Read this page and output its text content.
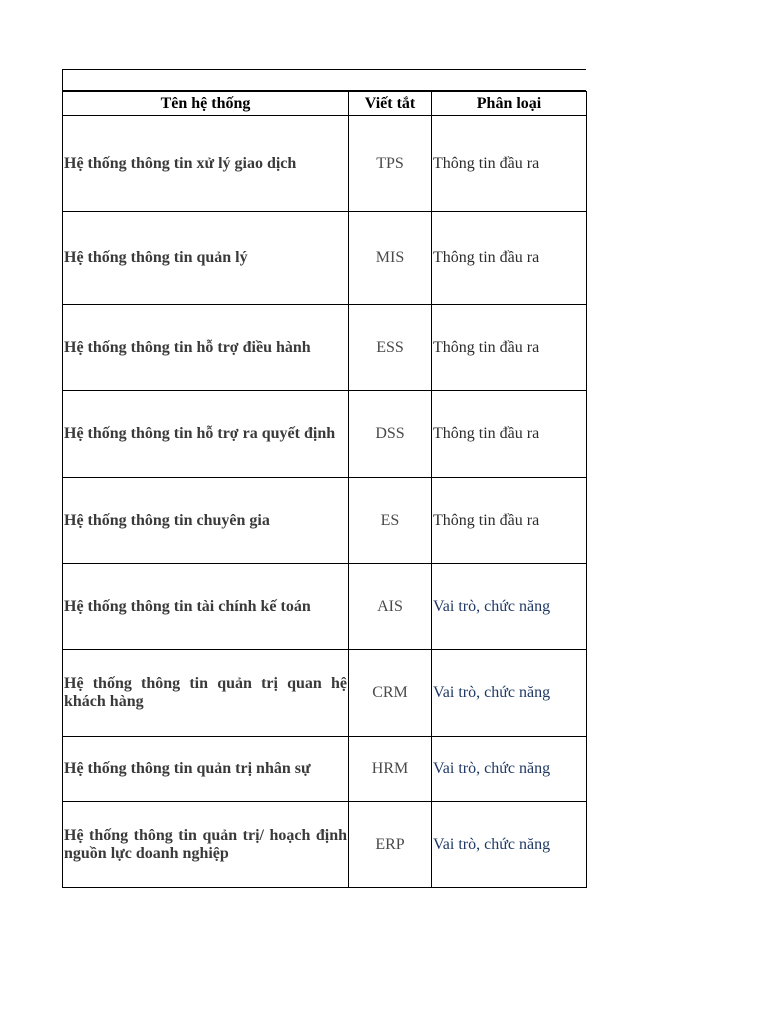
Tên hệ thống	Viết tắt	Phân loại
Hệ thống thông tin xử lý giao dịch	TPS	Thông tin đầu ra
Hệ thống thông tin quản lý	MIS	Thông tin đầu ra
Hệ thống thông tin hỗ trợ điều hành	ESS	Thông tin đầu ra
Hệ thống thông tin hỗ trợ ra quyết định	DSS	Thông tin đầu ra
Hệ thống thông tin chuyên gia	ES	Thông tin đầu ra
Hệ thống thông tin tài chính kế toán	AIS	Vai trò, chức năng
Hệ thống thông tin quản trị quan hệ khách hàng	CRM	Vai trò, chức năng
Hệ thống thông tin quản trị nhân sự	HRM	Vai trò, chức năng
Hệ thống thông tin quản trị/ hoạch định nguồn lực doanh nghiệp	ERP	Vai trò, chức năng
